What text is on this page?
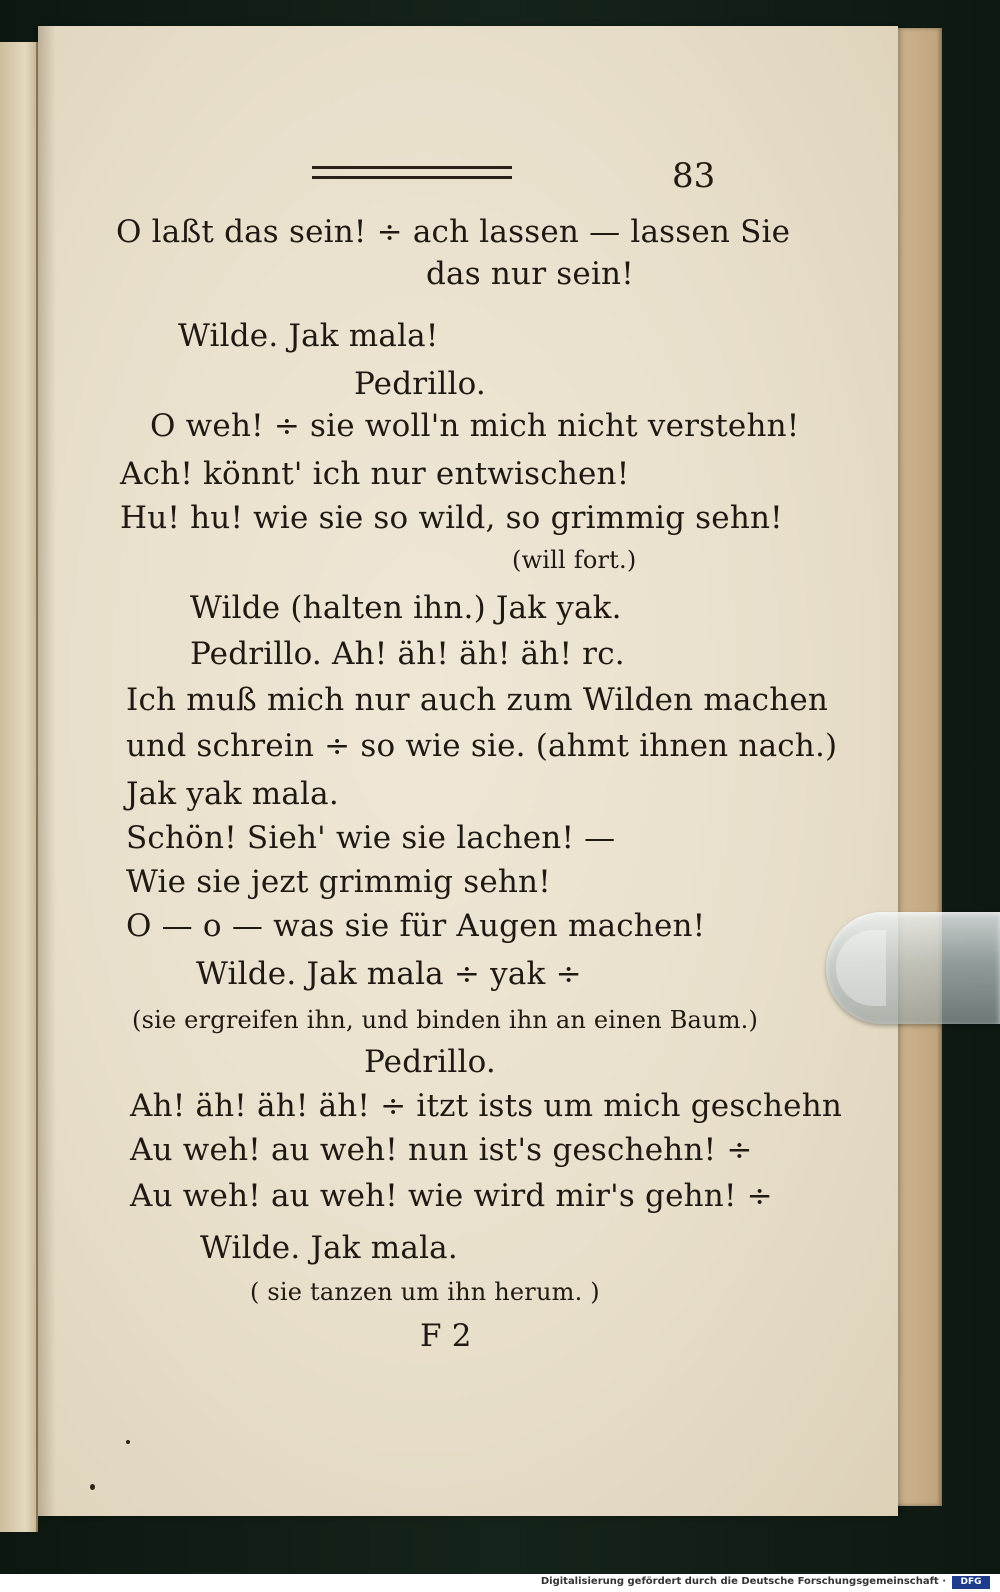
83
O laßt das sein! ÷ ach lassen — lassen Sie
das nur sein!
Wilde. Jak mala!
Pedrillo.
O weh! ÷ sie woll'n mich nicht verstehn!
Ach! könnt' ich nur entwischen!
Hu! hu! wie sie so wild, so grimmig sehn!
(will fort.)
Wilde (halten ihn.) Jak yak.
Pedrillo. Ah! äh! äh! äh! rc.
Ich muß mich nur auch zum Wilden machen
und schrein ÷ so wie sie. (ahmt ihnen nach.)
Jak yak mala.
Schön! Sieh' wie sie lachen! —
Wie sie jezt grimmig sehn!
O — o — was sie für Augen machen!
Wilde. Jak mala ÷ yak ÷
(sie ergreifen ihn, und binden ihn an einen Baum.)
Pedrillo.
Ah! äh! äh! äh! ÷ itzt ists um mich geschehn
Au weh! au weh! nun ist's geschehn! ÷
Au weh! au weh! wie wird mir's gehn! ÷
Wilde. Jak mala.
( sie tanzen um ihn herum. )
F 2
Digitalisierung gefördert durch die Deutsche Forschungsgemeinschaft ·	DFG
